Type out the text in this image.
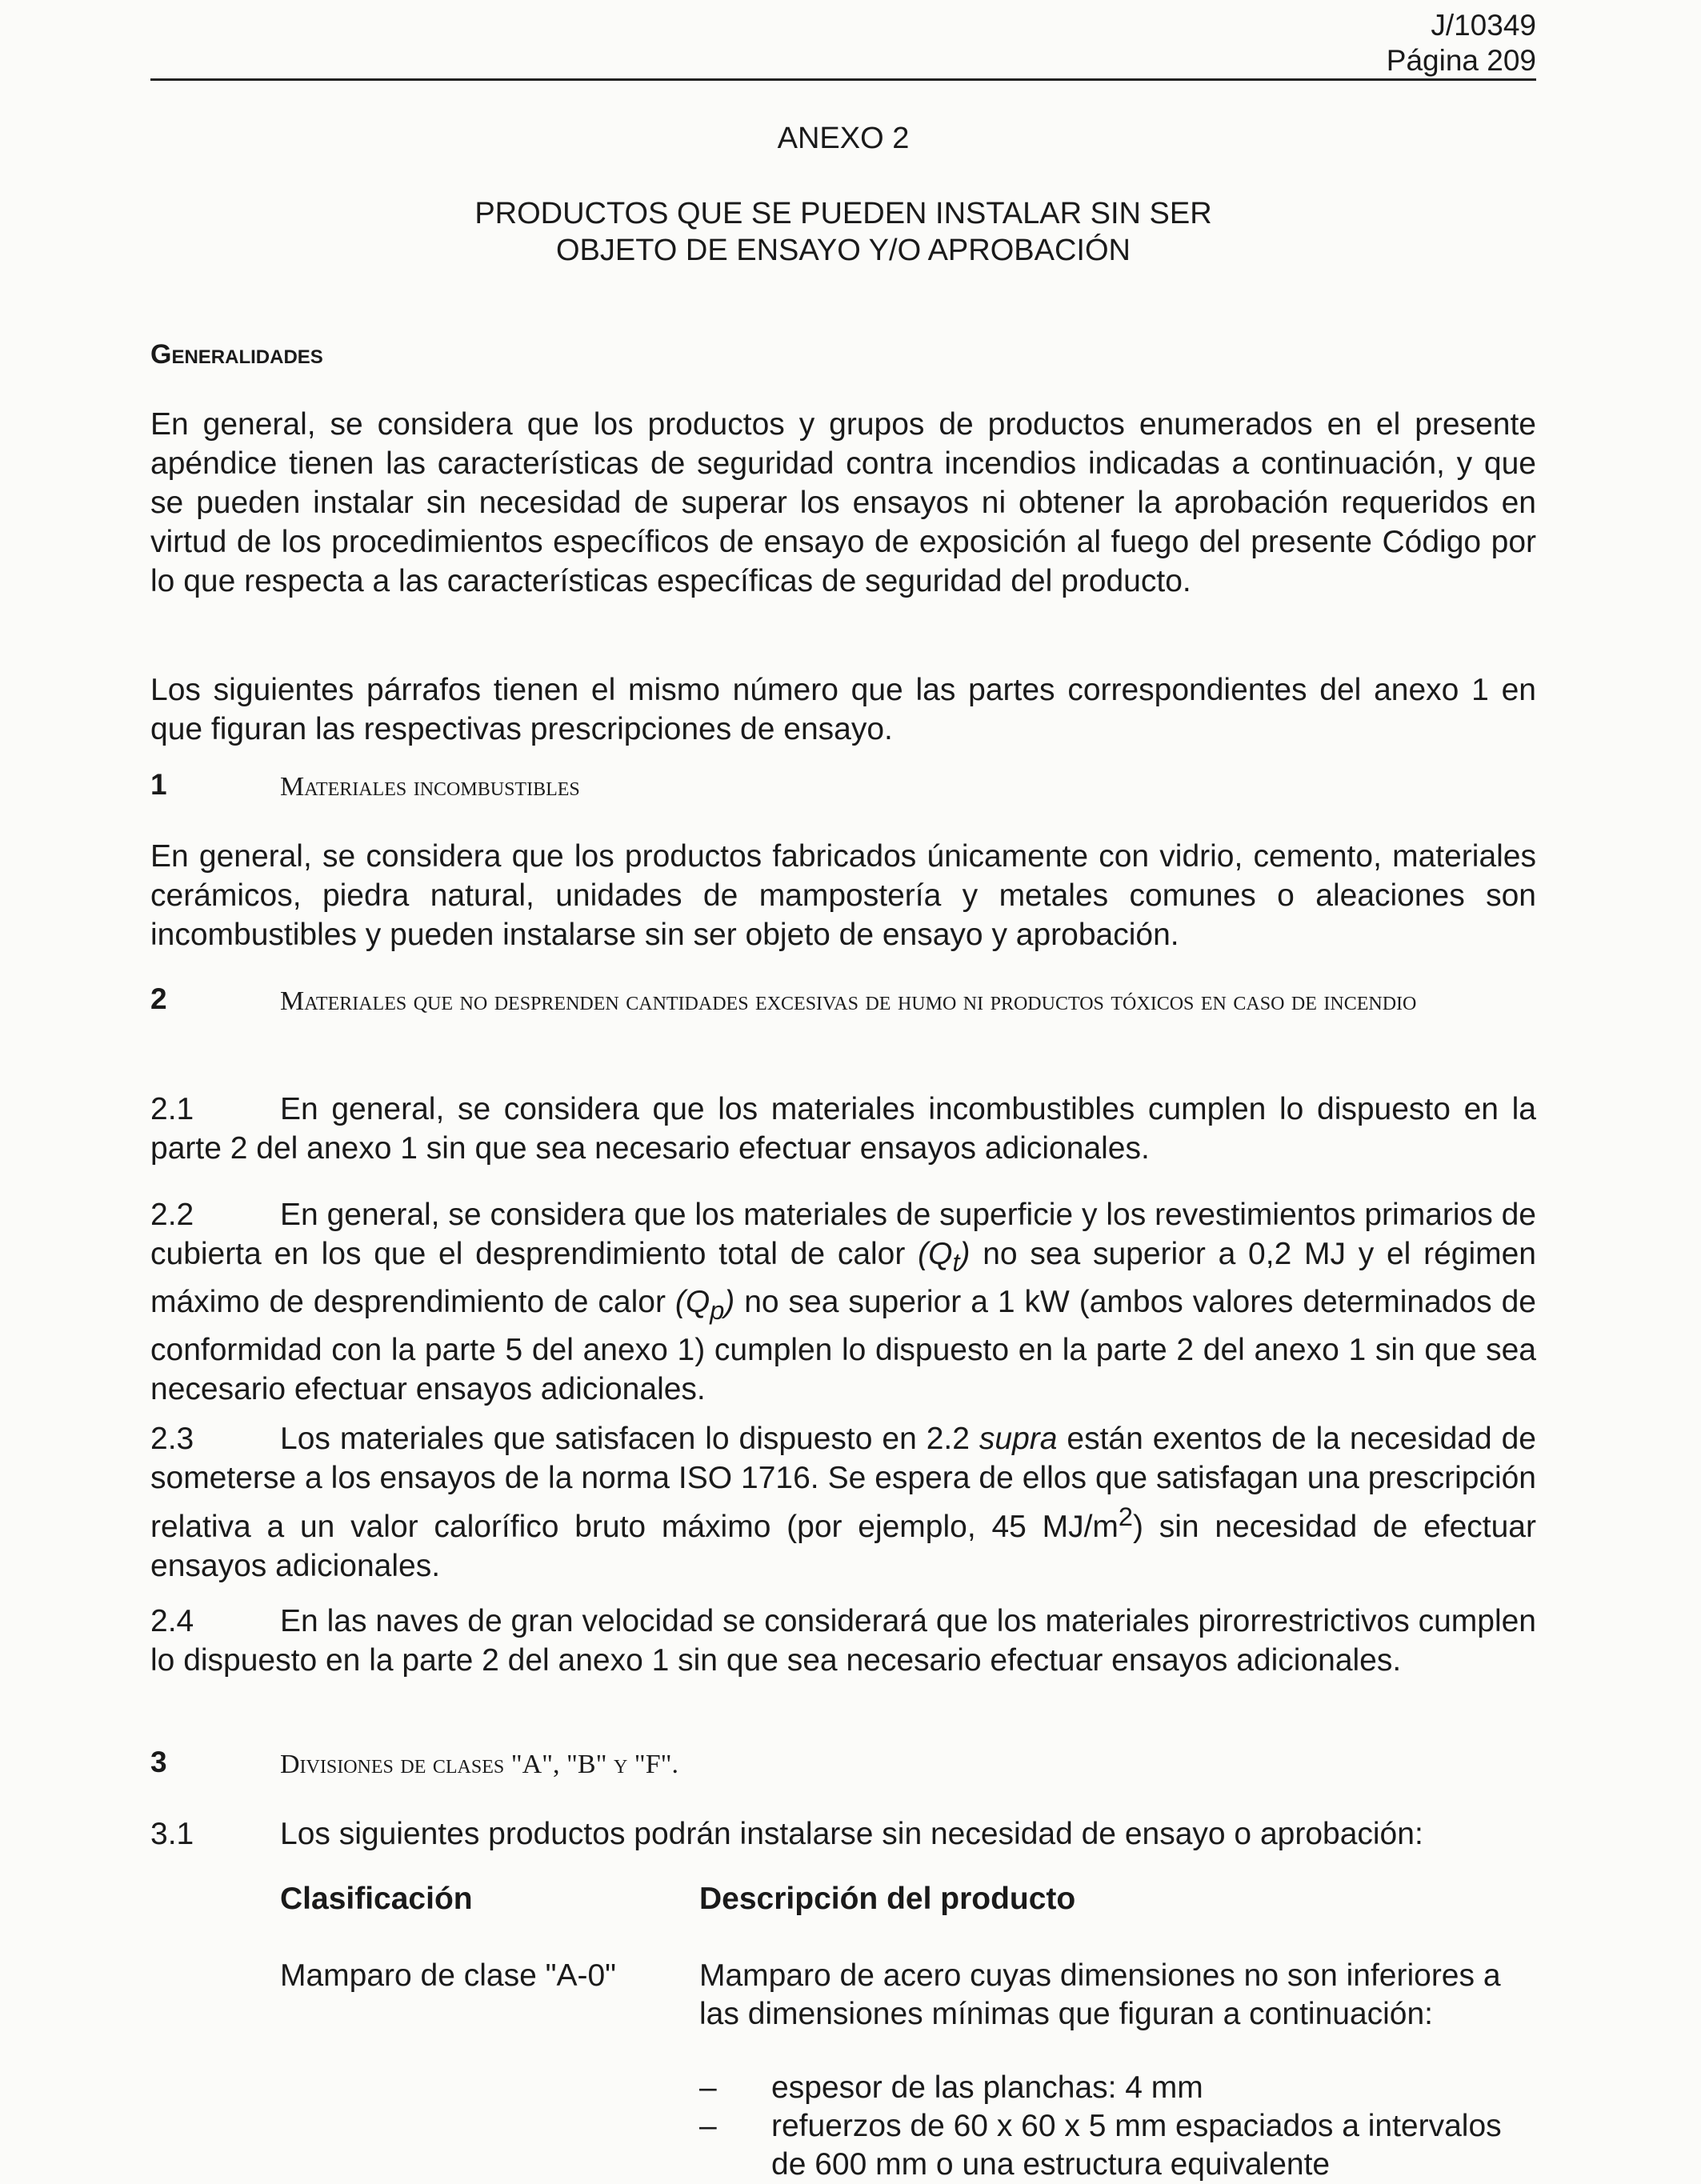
J/10349
Página 209
ANEXO 2
PRODUCTOS QUE SE PUEDEN INSTALAR SIN SER
OBJETO DE ENSAYO Y/O APROBACIÓN
Generalidades

En general, se considera que los productos y grupos de productos enumerados en el presente apéndice tienen las características de seguridad contra incendios indicadas a continuación, y que se pueden instalar sin necesidad de superar los ensayos ni obtener la aprobación requeridos en virtud de los procedimientos específicos de ensayo de exposición al fuego del presente Código por lo que respecta a las características específicas de seguridad del producto.

Los siguientes párrafos tienen el mismo número que las partes correspondientes del anexo 1 en que figuran las respectivas prescripciones de ensayo.

1	Materiales incombustibles

En general, se considera que los productos fabricados únicamente con vidrio, cemento, materiales cerámicos, piedra natural, unidades de mampostería y metales comunes o aleaciones son incombustibles y pueden instalarse sin ser objeto de ensayo y aprobación.

2	Materiales que no desprenden cantidades excesivas de humo ni productos tóxicos en caso de incendio

2.1	En general, se considera que los materiales incombustibles cumplen lo dispuesto en la parte 2 del anexo 1 sin que sea necesario efectuar ensayos adicionales.

2.2	En general, se considera que los materiales de superficie y los revestimientos primarios de cubierta en los que el desprendimiento total de calor $(Q_t)$ no sea superior a 0,2 MJ y el régimen máximo de desprendimiento de calor $(Q_p)$ no sea superior a 1 kW (ambos valores determinados de conformidad con la parte 5 del anexo 1) cumplen lo dispuesto en la parte 2 del anexo 1 sin que sea necesario efectuar ensayos adicionales.

2.3	Los materiales que satisfacen lo dispuesto en 2.2 supra están exentos de la necesidad de someterse a los ensayos de la norma ISO 1716. Se espera de ellos que satisfagan una prescripción relativa a un valor calorífico bruto máximo (por ejemplo, 45 $MJ/m^2$) sin necesidad de efectuar ensayos adicionales.

2.4	En las naves de gran velocidad se considerará que los materiales pirorrestrictivos cumplen lo dispuesto en la parte 2 del anexo 1 sin que sea necesario efectuar ensayos adicionales.

3	Divisiones de clases "A", "B" y "F".

3.1	Los siguientes productos podrán instalarse sin necesidad de ensayo o aprobación:

Clasificación	Descripción del producto
Mamparo de clase "A-0"	Mamparo de acero cuyas dimensiones no son inferiores a las dimensiones mínimas que figuran a continuación:
–	espesor de las planchas: 4 mm
–	refuerzos de 60 x 60 x 5 mm espaciados a intervalos de 600 mm o una estructura equivalente
